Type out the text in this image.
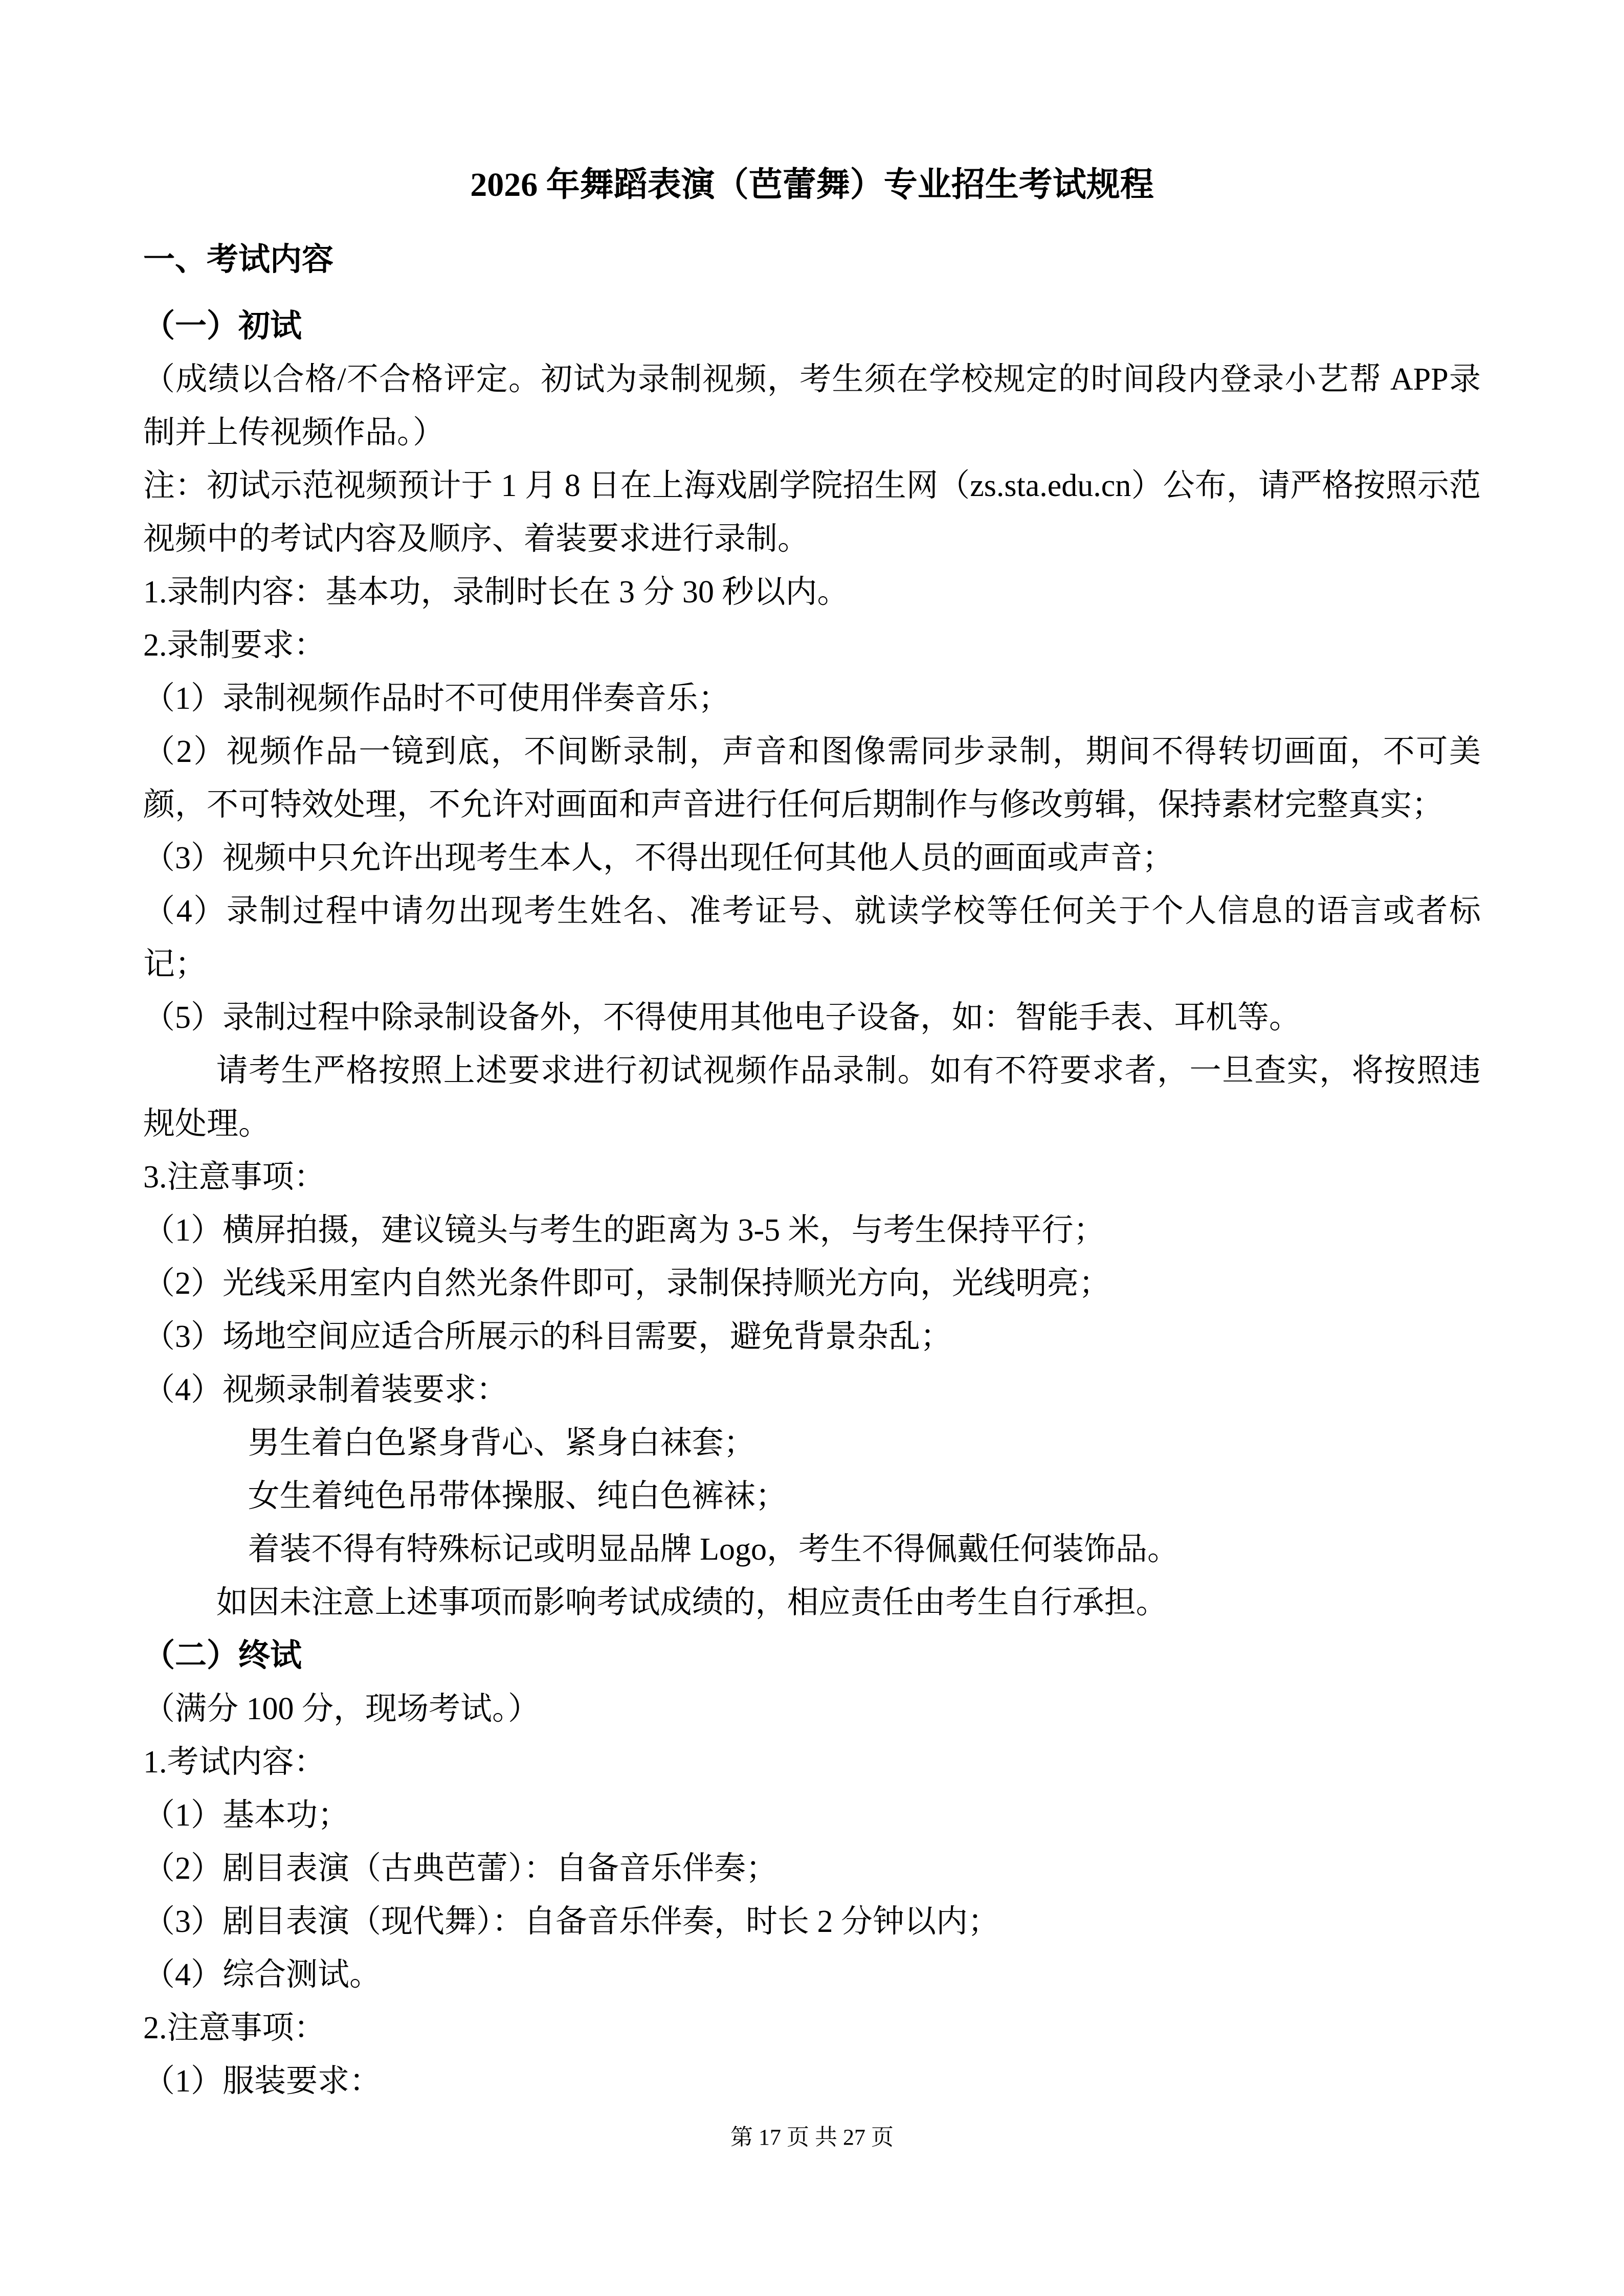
2026 年舞蹈表演（芭蕾舞）专业招生考试规程

一、考试内容

（一）初试

（成绩以合格/不合格评定。初试为录制视频，考生须在学校规定的时间段内登录小艺帮 APP录制并上传视频作品。）

注：初试示范视频预计于 1 月 8 日在上海戏剧学院招生网（zs.sta.edu.cn）公布，请严格按照示范视频中的考试内容及顺序、着装要求进行录制。

1.录制内容：基本功，录制时长在 3 分 30 秒以内。

2.录制要求：

（1）录制视频作品时不可使用伴奏音乐；

（2）视频作品一镜到底，不间断录制，声音和图像需同步录制，期间不得转切画面，不可美颜，不可特效处理，不允许对画面和声音进行任何后期制作与修改剪辑，保持素材完整真实；

（3）视频中只允许出现考生本人，不得出现任何其他人员的画面或声音；

（4）录制过程中请勿出现考生姓名、准考证号、就读学校等任何关于个人信息的语言或者标记；

（5）录制过程中除录制设备外，不得使用其他电子设备，如：智能手表、耳机等。

请考生严格按照上述要求进行初试视频作品录制。如有不符要求者，一旦查实，将按照违规处理。

3.注意事项：

（1）横屏拍摄，建议镜头与考生的距离为 3-5 米，与考生保持平行；

（2）光线采用室内自然光条件即可，录制保持顺光方向，光线明亮；

（3）场地空间应适合所展示的科目需要，避免背景杂乱；

（4）视频录制着装要求：

男生着白色紧身背心、紧身白袜套；

女生着纯色吊带体操服、纯白色裤袜；

着装不得有特殊标记或明显品牌 Logo，考生不得佩戴任何装饰品。

如因未注意上述事项而影响考试成绩的，相应责任由考生自行承担。

（二）终试

（满分 100 分，现场考试。）

1.考试内容：

（1）基本功；

（2）剧目表演（古典芭蕾）：自备音乐伴奏；

（3）剧目表演（现代舞）：自备音乐伴奏，时长 2 分钟以内；

（4）综合测试。

2.注意事项：

（1）服装要求：

第 17 页 共 27 页
